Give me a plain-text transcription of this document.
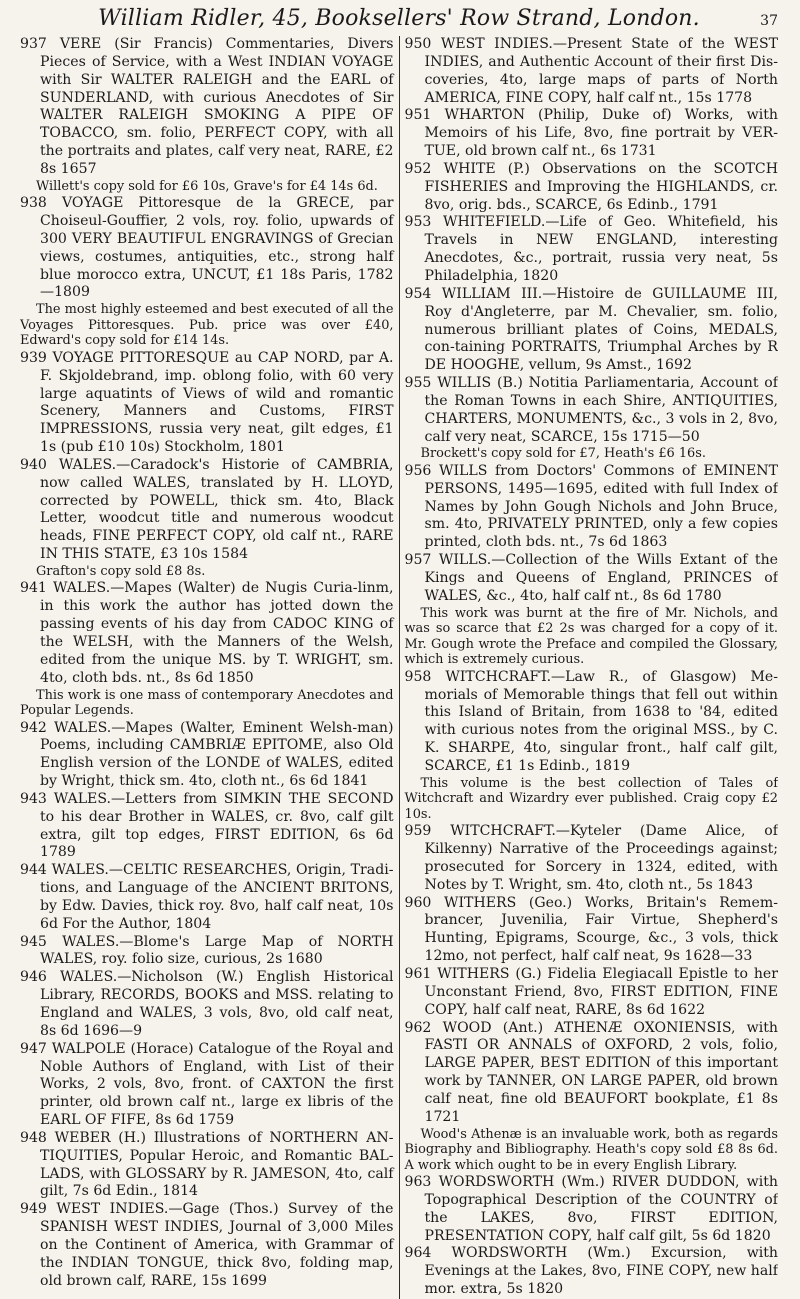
William Ridler, 45, Booksellers' Row Strand, London.	37

937 VERE (Sir Francis) Commentaries, Divers Pieces of Service, with a West INDIAN VOYAGE with Sir WALTER RALEIGH and the EARL of SUNDERLAND, with curious Anecdotes of Sir WALTER RALEIGH SMOKING A PIPE OF TOBACCO, sm. folio, PERFECT COPY, with all the portraits and plates, calf very neat, RARE, £2 8s 1657

Willett's copy sold for £6 10s, Grave's for £4 14s 6d.

938 VOYAGE Pittoresque de la GRECE, par Choiseul-Gouffier, 2 vols, roy. folio, upwards of 300 VERY BEAUTIFUL ENGRAVINGS of Grecian views, costumes, antiquities, etc., strong half blue morocco extra, UNCUT, £1 18s Paris, 1782—1809

The most highly esteemed and best executed of all the Voyages Pittoresques. Pub. price was over £40, Edward's copy sold for £14 14s.

939 VOYAGE PITTORESQUE au CAP NORD, par A. F. Skjoldebrand, imp. oblong folio, with 60 very large aquatints of Views of wild and romantic Scenery, Manners and Customs, FIRST IMPRESSIONS, russia very neat, gilt edges, £1 1s (pub £10 10s) Stockholm, 1801

940 WALES.—Caradock's Historie of CAMBRIA, now called WALES, translated by H. LLOYD, corrected by POWELL, thick sm. 4to, Black Letter, woodcut title and numerous woodcut heads, FINE PERFECT COPY, old calf nt., RARE IN THIS STATE, £3 10s 1584

Grafton's copy sold £8 8s.

941 WALES.—Mapes (Walter) de Nugis Curia-linm, in this work the author has jotted down the passing events of his day from CADOC KING of the WELSH, with the Manners of the Welsh, edited from the unique MS. by T. WRIGHT, sm. 4to, cloth bds. nt., 8s 6d 1850

This work is one mass of contemporary Anecdotes and Popular Legends.

942 WALES.—Mapes (Walter, Eminent Welsh-man) Poems, including CAMBRIÆ EPITOME, also Old English version of the LONDE of WALES, edited by Wright, thick sm. 4to, cloth nt., 6s 6d 1841

943 WALES.—Letters from SIMKIN THE SECOND to his dear Brother in WALES, cr. 8vo, calf gilt extra, gilt top edges, FIRST EDITION, 6s 6d 1789

944 WALES.—CELTIC RESEARCHES, Origin, Tradi-tions, and Language of the ANCIENT BRITONS, by Edw. Davies, thick roy. 8vo, half calf neat, 10s 6d For the Author, 1804

945 WALES.—Blome's Large Map of NORTH WALES, roy. folio size, curious, 2s 1680

946 WALES.—Nicholson (W.) English Historical Library, RECORDS, BOOKS and MSS. relating to England and WALES, 3 vols, 8vo, old calf neat, 8s 6d 1696—9

947 WALPOLE (Horace) Catalogue of the Royal and Noble Authors of England, with List of their Works, 2 vols, 8vo, front. of CAXTON the first printer, old brown calf nt., large ex libris of the EARL OF FIFE, 8s 6d 1759

948 WEBER (H.) Illustrations of NORTHERN AN-TIQUITIES, Popular Heroic, and Romantic BAL-LADS, with GLOSSARY by R. JAMESON, 4to, calf gilt, 7s 6d Edin., 1814

949 WEST INDIES.—Gage (Thos.) Survey of the SPANISH WEST INDIES, Journal of 3,000 Miles on the Continent of America, with Grammar of the INDIAN TONGUE, thick 8vo, folding map, old brown calf, RARE, 15s 1699

950 WEST INDIES.—Present State of the WEST INDIES, and Authentic Account of their first Dis-coveries, 4to, large maps of parts of North AMERICA, FINE COPY, half calf nt., 15s 1778

951 WHARTON (Philip, Duke of) Works, with Memoirs of his Life, 8vo, fine portrait by VER-TUE, old brown calf nt., 6s 1731

952 WHITE (P.) Observations on the SCOTCH FISHERIES and Improving the HIGHLANDS, cr. 8vo, orig. bds., SCARCE, 6s Edinb., 1791

953 WHITEFIELD.—Life of Geo. Whitefield, his Travels in NEW ENGLAND, interesting Anecdotes, &c., portrait, russia very neat, 5s Philadelphia, 1820

954 WILLIAM III.—Histoire de GUILLAUME III, Roy d'Angleterre, par M. Chevalier, sm. folio, numerous brilliant plates of Coins, MEDALS, con-taining PORTRAITS, Triumphal Arches by R DE HOOGHE, vellum, 9s Amst., 1692

955 WILLIS (B.) Notitia Parliamentaria, Account of the Roman Towns in each Shire, ANTIQUITIES, CHARTERS, MONUMENTS, &c., 3 vols in 2, 8vo, calf very neat, SCARCE, 15s 1715—50

Brockett's copy sold for £7, Heath's £6 16s.

956 WILLS from Doctors' Commons of EMINENT PERSONS, 1495—1695, edited with full Index of Names by John Gough Nichols and John Bruce, sm. 4to, PRIVATELY PRINTED, only a few copies printed, cloth bds. nt., 7s 6d 1863

957 WILLS.—Collection of the Wills Extant of the Kings and Queens of England, PRINCES of WALES, &c., 4to, half calf nt., 8s 6d 1780

This work was burnt at the fire of Mr. Nichols, and was so scarce that £2 2s was charged for a copy of it. Mr. Gough wrote the Preface and compiled the Glossary, which is extremely curious.

958 WITCHCRAFT.—Law R., of Glasgow) Me-morials of Memorable things that fell out within this Island of Britain, from 1638 to '84, edited with curious notes from the original MSS., by C. K. SHARPE, 4to, singular front., half calf gilt, SCARCE, £1 1s Edinb., 1819

This volume is the best collection of Tales of Witchcraft and Wizardry ever published. Craig copy £2 10s.

959 WITCHCRAFT.—Kyteler (Dame Alice, of Kilkenny) Narrative of the Proceedings against; prosecuted for Sorcery in 1324, edited, with Notes by T. Wright, sm. 4to, cloth nt., 5s 1843

960 WITHERS (Geo.) Works, Britain's Remem-brancer, Juvenilia, Fair Virtue, Shepherd's Hunting, Epigrams, Scourge, &c., 3 vols, thick 12mo, not perfect, half calf neat, 9s 1628—33

961 WITHERS (G.) Fidelia Elegiacall Epistle to her Unconstant Friend, 8vo, FIRST EDITION, FINE COPY, half calf neat, RARE, 8s 6d 1622

962 WOOD (Ant.) ATHENÆ OXONIENSIS, with FASTI OR ANNALS of OXFORD, 2 vols, folio, LARGE PAPER, BEST EDITION of this important work by TANNER, ON LARGE PAPER, old brown calf neat, fine old BEAUFORT bookplate, £1 8s 1721

Wood's Athenæ is an invaluable work, both as regards Biography and Bibliography. Heath's copy sold £8 8s 6d. A work which ought to be in every English Library.

963 WORDSWORTH (Wm.) RIVER DUDDON, with Topographical Description of the COUNTRY of the LAKES, 8vo, FIRST EDITION, PRESENTATION COPY, half calf gilt, 5s 6d 1820

964 WORDSWORTH (Wm.) Excursion, with Evenings at the Lakes, 8vo, FINE COPY, new half mor. extra, 5s 1820
